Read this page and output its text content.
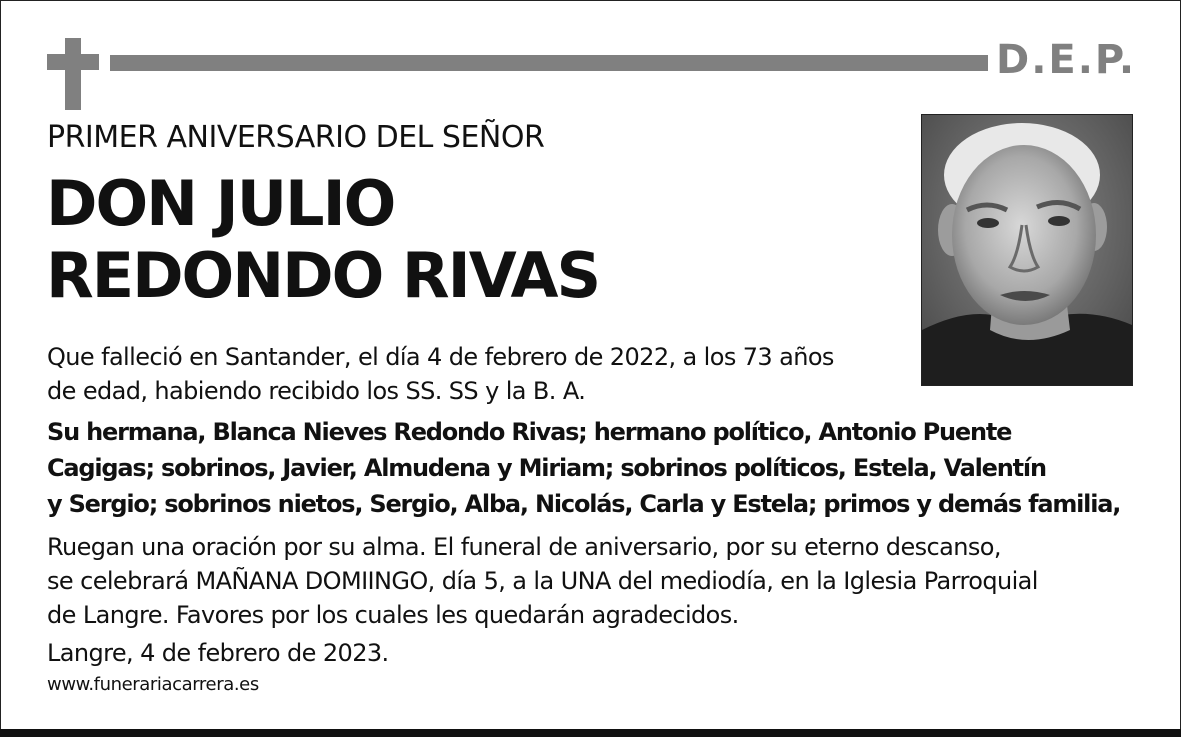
D.E.P.
PRIMER ANIVERSARIO DEL SEÑOR
DON JULIO
REDONDO RIVAS
Que falleció en Santander, el día 4 de febrero de 2022, a los 73 años
de edad, habiendo recibido los SS. SS y la B. A.
Su hermana, Blanca Nieves Redondo Rivas; hermano político, Antonio Puente
Cagigas; sobrinos, Javier, Almudena y Miriam; sobrinos políticos, Estela, Valentín
y Sergio; sobrinos nietos, Sergio, Alba, Nicolás, Carla y Estela; primos y demás familia,
Ruegan una oración por su alma. El funeral de aniversario, por su eterno descanso,
se celebrará MAÑANA DOMIINGO, día 5, a la UNA del mediodía, en la Iglesia Parroquial
de Langre. Favores por los cuales les quedarán agradecidos.
Langre, 4 de febrero de 2023.
www.funerariacarrera.es
